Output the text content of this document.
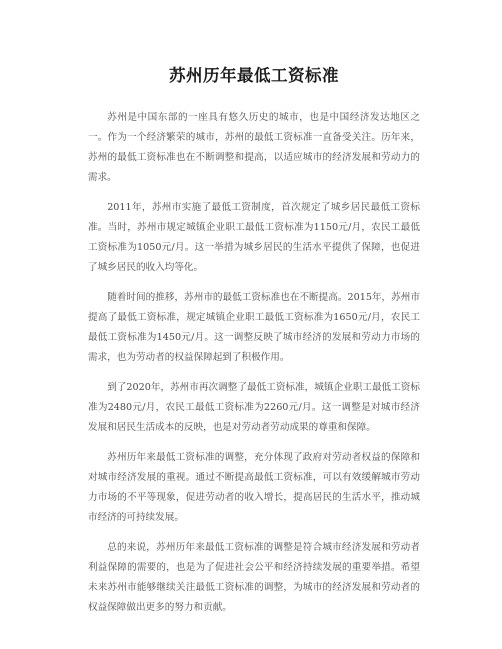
苏州历年最低工资标准

苏州是中国东部的一座具有悠久历史的城市，也是中国经济发达地区之一。作为一个经济繁荣的城市，苏州的最低工资标准一直备受关注。历年来，苏州的最低工资标准也在不断调整和提高，以适应城市的经济发展和劳动力的需求。

2011年，苏州市实施了最低工资制度，首次规定了城乡居民最低工资标准。当时，苏州市规定城镇企业职工最低工资标准为1150元/月，农民工最低工资标准为1050元/月。这一举措为城乡居民的生活水平提供了保障，也促进了城乡居民的收入均等化。

随着时间的推移，苏州市的最低工资标准也在不断提高。2015年，苏州市提高了最低工资标准，规定城镇企业职工最低工资标准为1650元/月，农民工最低工资标准为1450元/月。这一调整反映了城市经济的发展和劳动力市场的需求，也为劳动者的权益保障起到了积极作用。

到了2020年，苏州市再次调整了最低工资标准，城镇企业职工最低工资标准为2480元/月，农民工最低工资标准为2260元/月。这一调整是对城市经济发展和居民生活成本的反映，也是对劳动者劳动成果的尊重和保障。

苏州历年来最低工资标准的调整，充分体现了政府对劳动者权益的保障和对城市经济发展的重视。通过不断提高最低工资标准，可以有效缓解城市劳动力市场的不平等现象，促进劳动者的收入增长，提高居民的生活水平，推动城市经济的可持续发展。

总的来说，苏州历年来最低工资标准的调整是符合城市经济发展和劳动者利益保障的需要的，也是为了促进社会公平和经济持续发展的重要举措。希望未来苏州市能够继续关注最低工资标准的调整，为城市的经济发展和劳动者的权益保障做出更多的努力和贡献。
